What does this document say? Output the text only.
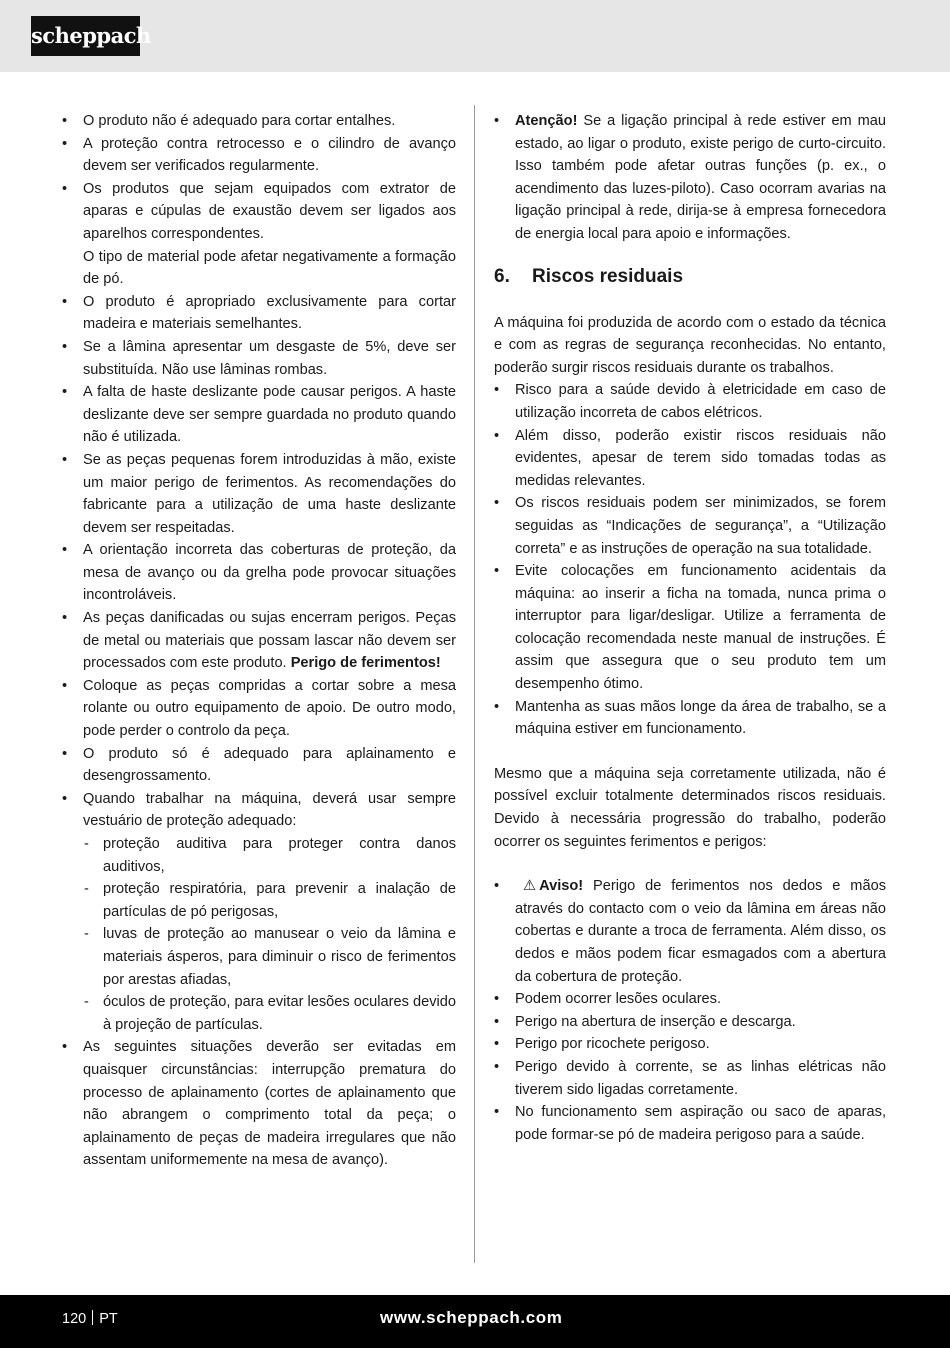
scheppach
• O produto não é adequado para cortar entalhes.
• A proteção contra retrocesso e o cilindro de avanço devem ser verificados regularmente.
• Os produtos que sejam equipados com extrator de aparas e cúpulas de exaustão devem ser ligados aos aparelhos correspondentes.
O tipo de material pode afetar negativamente a formação de pó.
• O produto é apropriado exclusivamente para cortar madeira e materiais semelhantes.
• Se a lâmina apresentar um desgaste de 5%, deve ser substituída. Não use lâminas rombas.
• A falta de haste deslizante pode causar perigos. A haste deslizante deve ser sempre guardada no produto quando não é utilizada.
• Se as peças pequenas forem introduzidas à mão, existe um maior perigo de ferimentos. As recomendações do fabricante para a utilização de uma haste deslizante devem ser respeitadas.
• A orientação incorreta das coberturas de proteção, da mesa de avanço ou da grelha pode provocar situações incontroláveis.
• As peças danificadas ou sujas encerram perigos. Peças de metal ou materiais que possam lascar não devem ser processados com este produto. Perigo de ferimentos!
• Coloque as peças compridas a cortar sobre a mesa rolante ou outro equipamento de apoio. De outro modo, pode perder o controlo da peça.
• O produto só é adequado para aplainamento e desengrossamento.
• Quando trabalhar na máquina, deverá usar sempre vestuário de proteção adequado:
- proteção auditiva para proteger contra danos auditivos,
- proteção respiratória, para prevenir a inalação de partículas de pó perigosas,
- luvas de proteção ao manusear o veio da lâmina e materiais ásperos, para diminuir o risco de ferimentos por arestas afiadas,
- óculos de proteção, para evitar lesões oculares devido à projeção de partículas.
• As seguintes situações deverão ser evitadas em quaisquer circunstâncias: interrupção prematura do processo de aplainamento (cortes de aplainamento que não abrangem o comprimento total da peça; o aplainamento de peças de madeira irregulares que não assentam uniformemente na mesa de avanço).
• Atenção! Se a ligação principal à rede estiver em mau estado, ao ligar o produto, existe perigo de curto-circuito. Isso também pode afetar outras funções (p. ex., o acendimento das luzes-piloto). Caso ocorram avarias na ligação principal à rede, dirija-se à empresa fornecedora de energia local para apoio e informações.
6. Riscos residuais
A máquina foi produzida de acordo com o estado da técnica e com as regras de segurança reconhecidas. No entanto, poderão surgir riscos residuais durante os trabalhos.
• Risco para a saúde devido à eletricidade em caso de utilização incorreta de cabos elétricos.
• Além disso, poderão existir riscos residuais não evidentes, apesar de terem sido tomadas todas as medidas relevantes.
• Os riscos residuais podem ser minimizados, se forem seguidas as “Indicações de segurança”, a “Utilização correta” e as instruções de operação na sua totalidade.
• Evite colocações em funcionamento acidentais da máquina: ao inserir a ficha na tomada, nunca prima o interruptor para ligar/desligar. Utilize a ferramenta de colocação recomendada neste manual de instruções. É assim que assegura que o seu produto tem um desempenho ótimo.
• Mantenha as suas mãos longe da área de trabalho, se a máquina estiver em funcionamento.
Mesmo que a máquina seja corretamente utilizada, não é possível excluir totalmente determinados riscos residuais. Devido à necessária progressão do trabalho, poderão ocorrer os seguintes ferimentos e perigos:
• ⚠ Aviso! Perigo de ferimentos nos dedos e mãos através do contacto com o veio da lâmina em áreas não cobertas e durante a troca de ferramenta. Além disso, os dedos e mãos podem ficar esmagados com a abertura da cobertura de proteção.
• Podem ocorrer lesões oculares.
• Perigo na abertura de inserção e descarga.
• Perigo por ricochete perigoso.
• Perigo devido à corrente, se as linhas elétricas não tiverem sido ligadas corretamente.
• No funcionamento sem aspiração ou saco de aparas, pode formar-se pó de madeira perigoso para a saúde.
120 PT	www.scheppach.com
